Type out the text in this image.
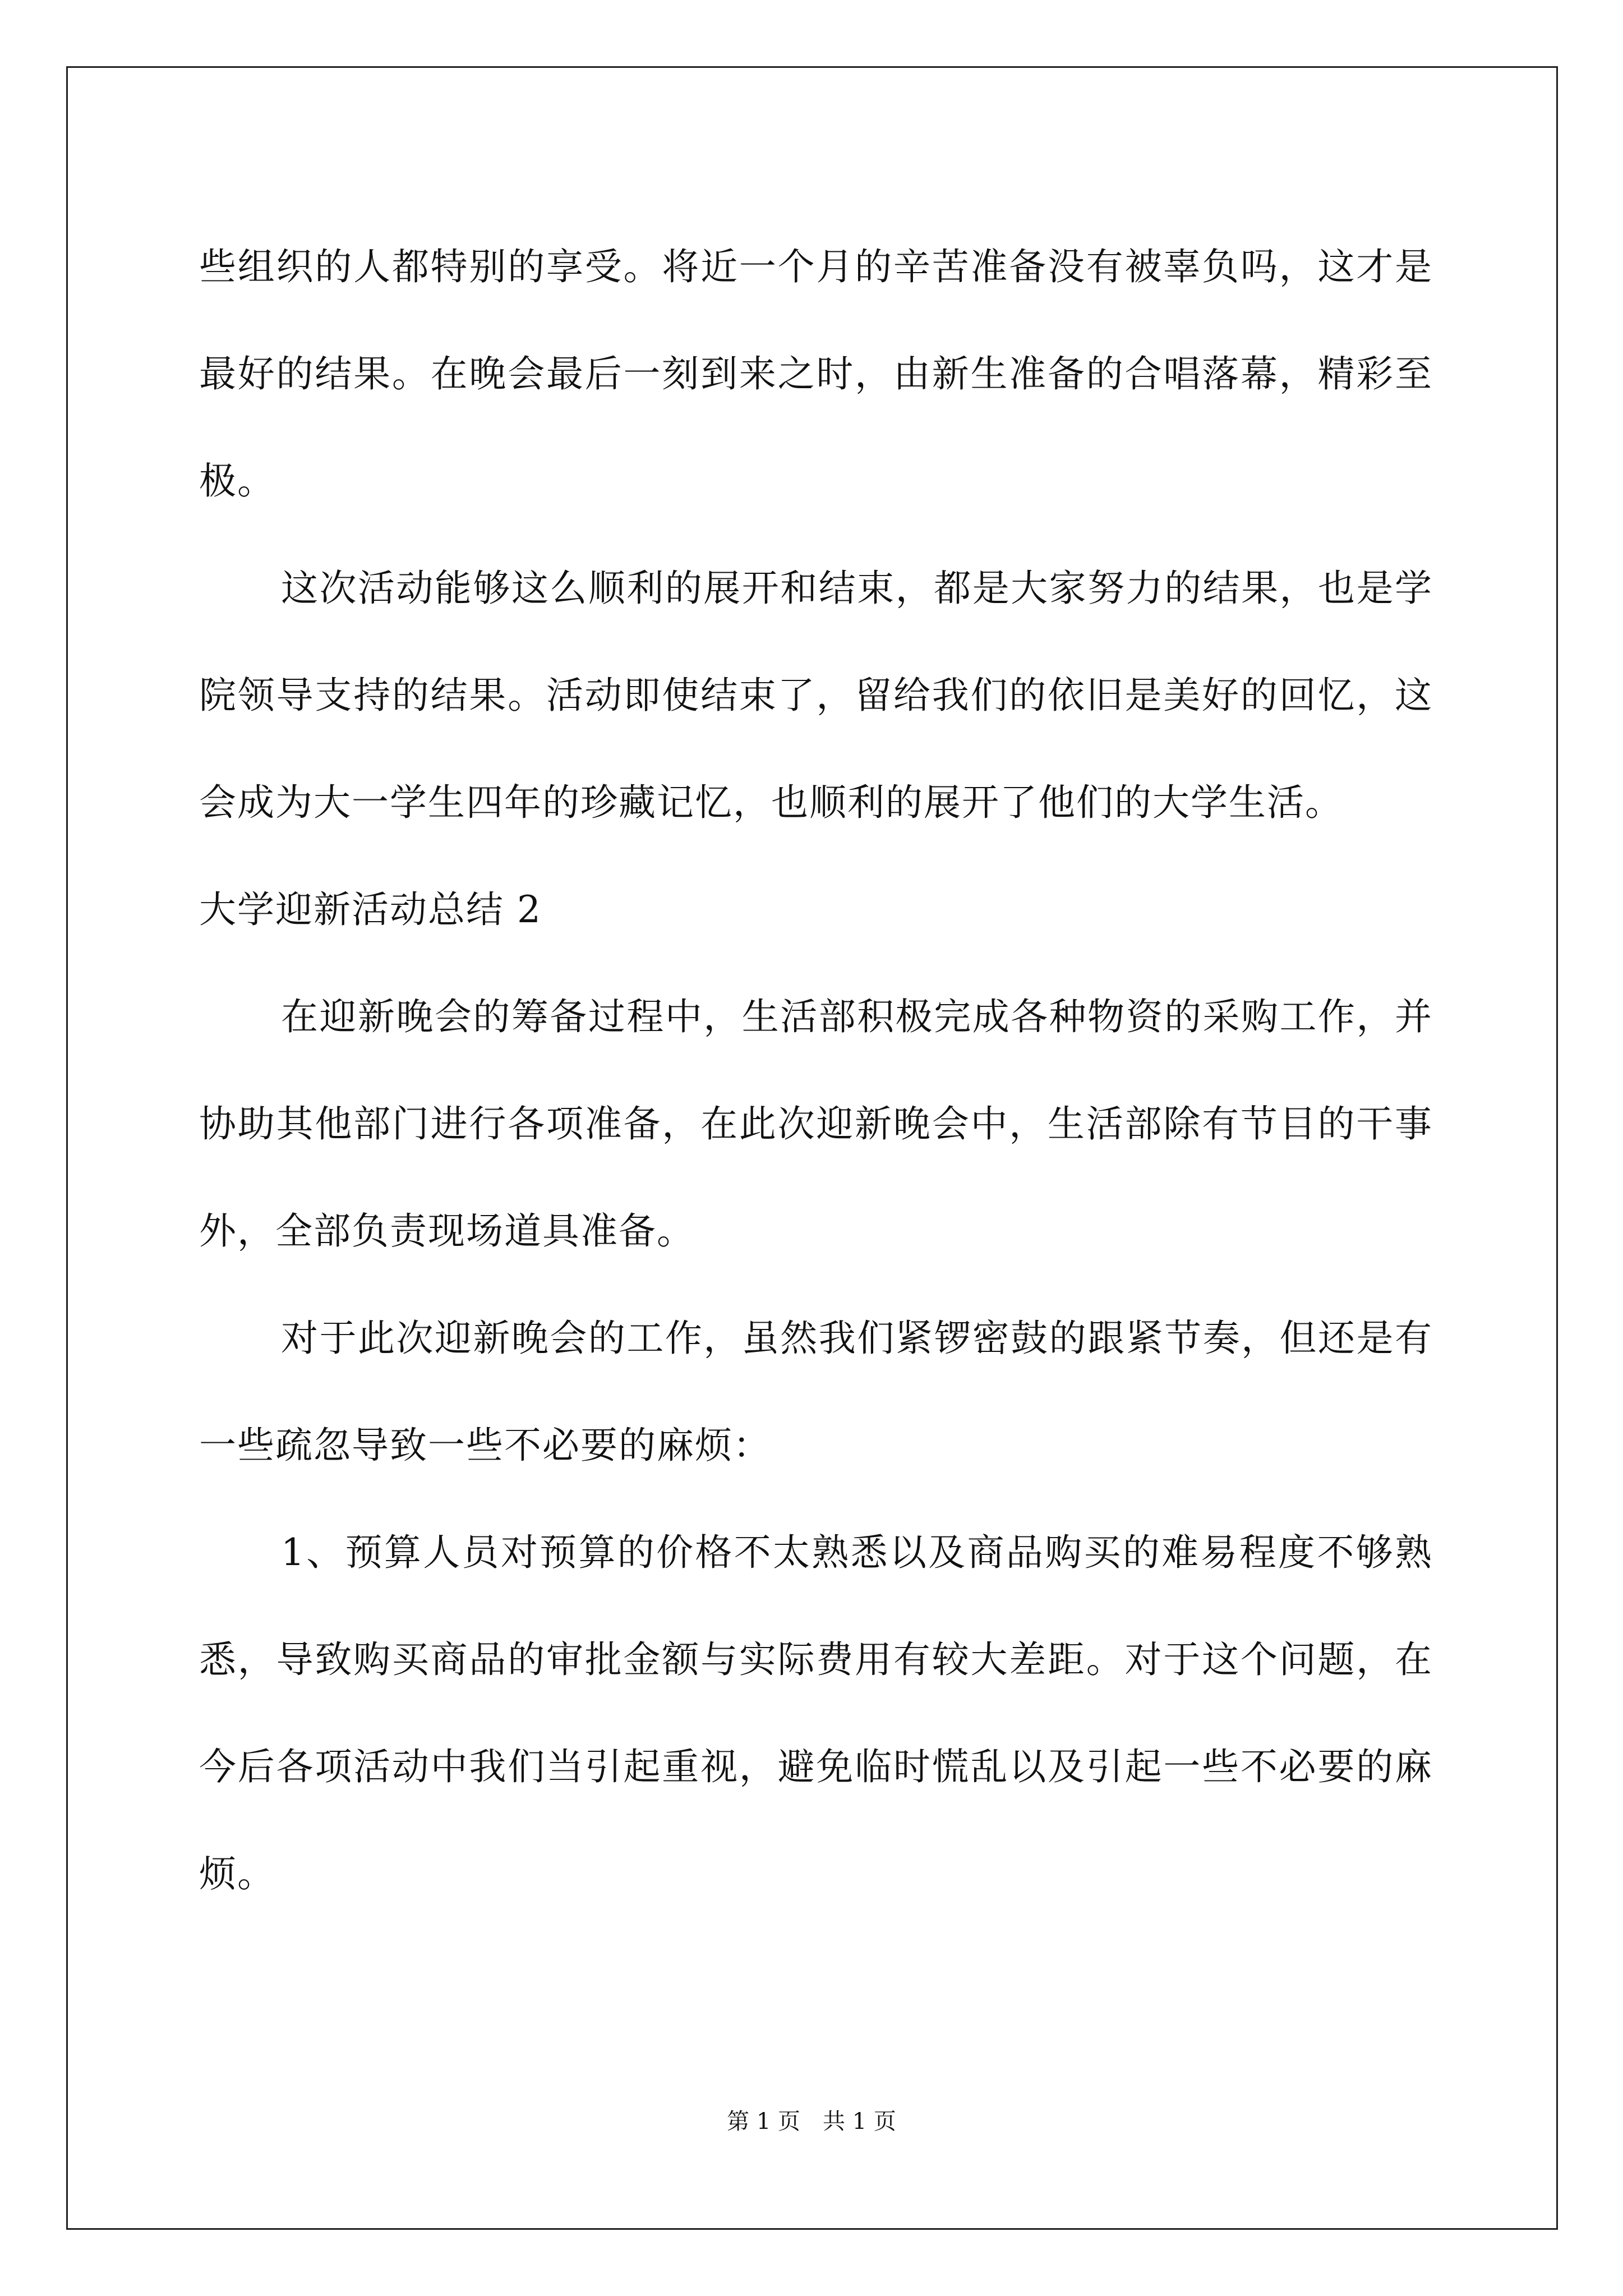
些组织的人都特别的享受。将近一个月的辛苦准备没有被辜负吗，这才是最好的结果。在晚会最后一刻到来之时，由新生准备的合唱落幕，精彩至极。

这次活动能够这么顺利的展开和结束，都是大家努力的结果，也是学院领导支持的结果。活动即使结束了，留给我们的依旧是美好的回忆，这会成为大一学生四年的珍藏记忆，也顺利的展开了他们的大学生活。

大学迎新活动总结 2

在迎新晚会的筹备过程中，生活部积极完成各种物资的采购工作，并协助其他部门进行各项准备，在此次迎新晚会中，生活部除有节目的干事外，全部负责现场道具准备。

对于此次迎新晚会的工作，虽然我们紧锣密鼓的跟紧节奏，但还是有一些疏忽导致一些不必要的麻烦：

1、预算人员对预算的价格不太熟悉以及商品购买的难易程度不够熟悉，导致购买商品的审批金额与实际费用有较大差距。对于这个问题，在今后各项活动中我们当引起重视，避免临时慌乱以及引起一些不必要的麻烦。

第 1 页 共 1 页
